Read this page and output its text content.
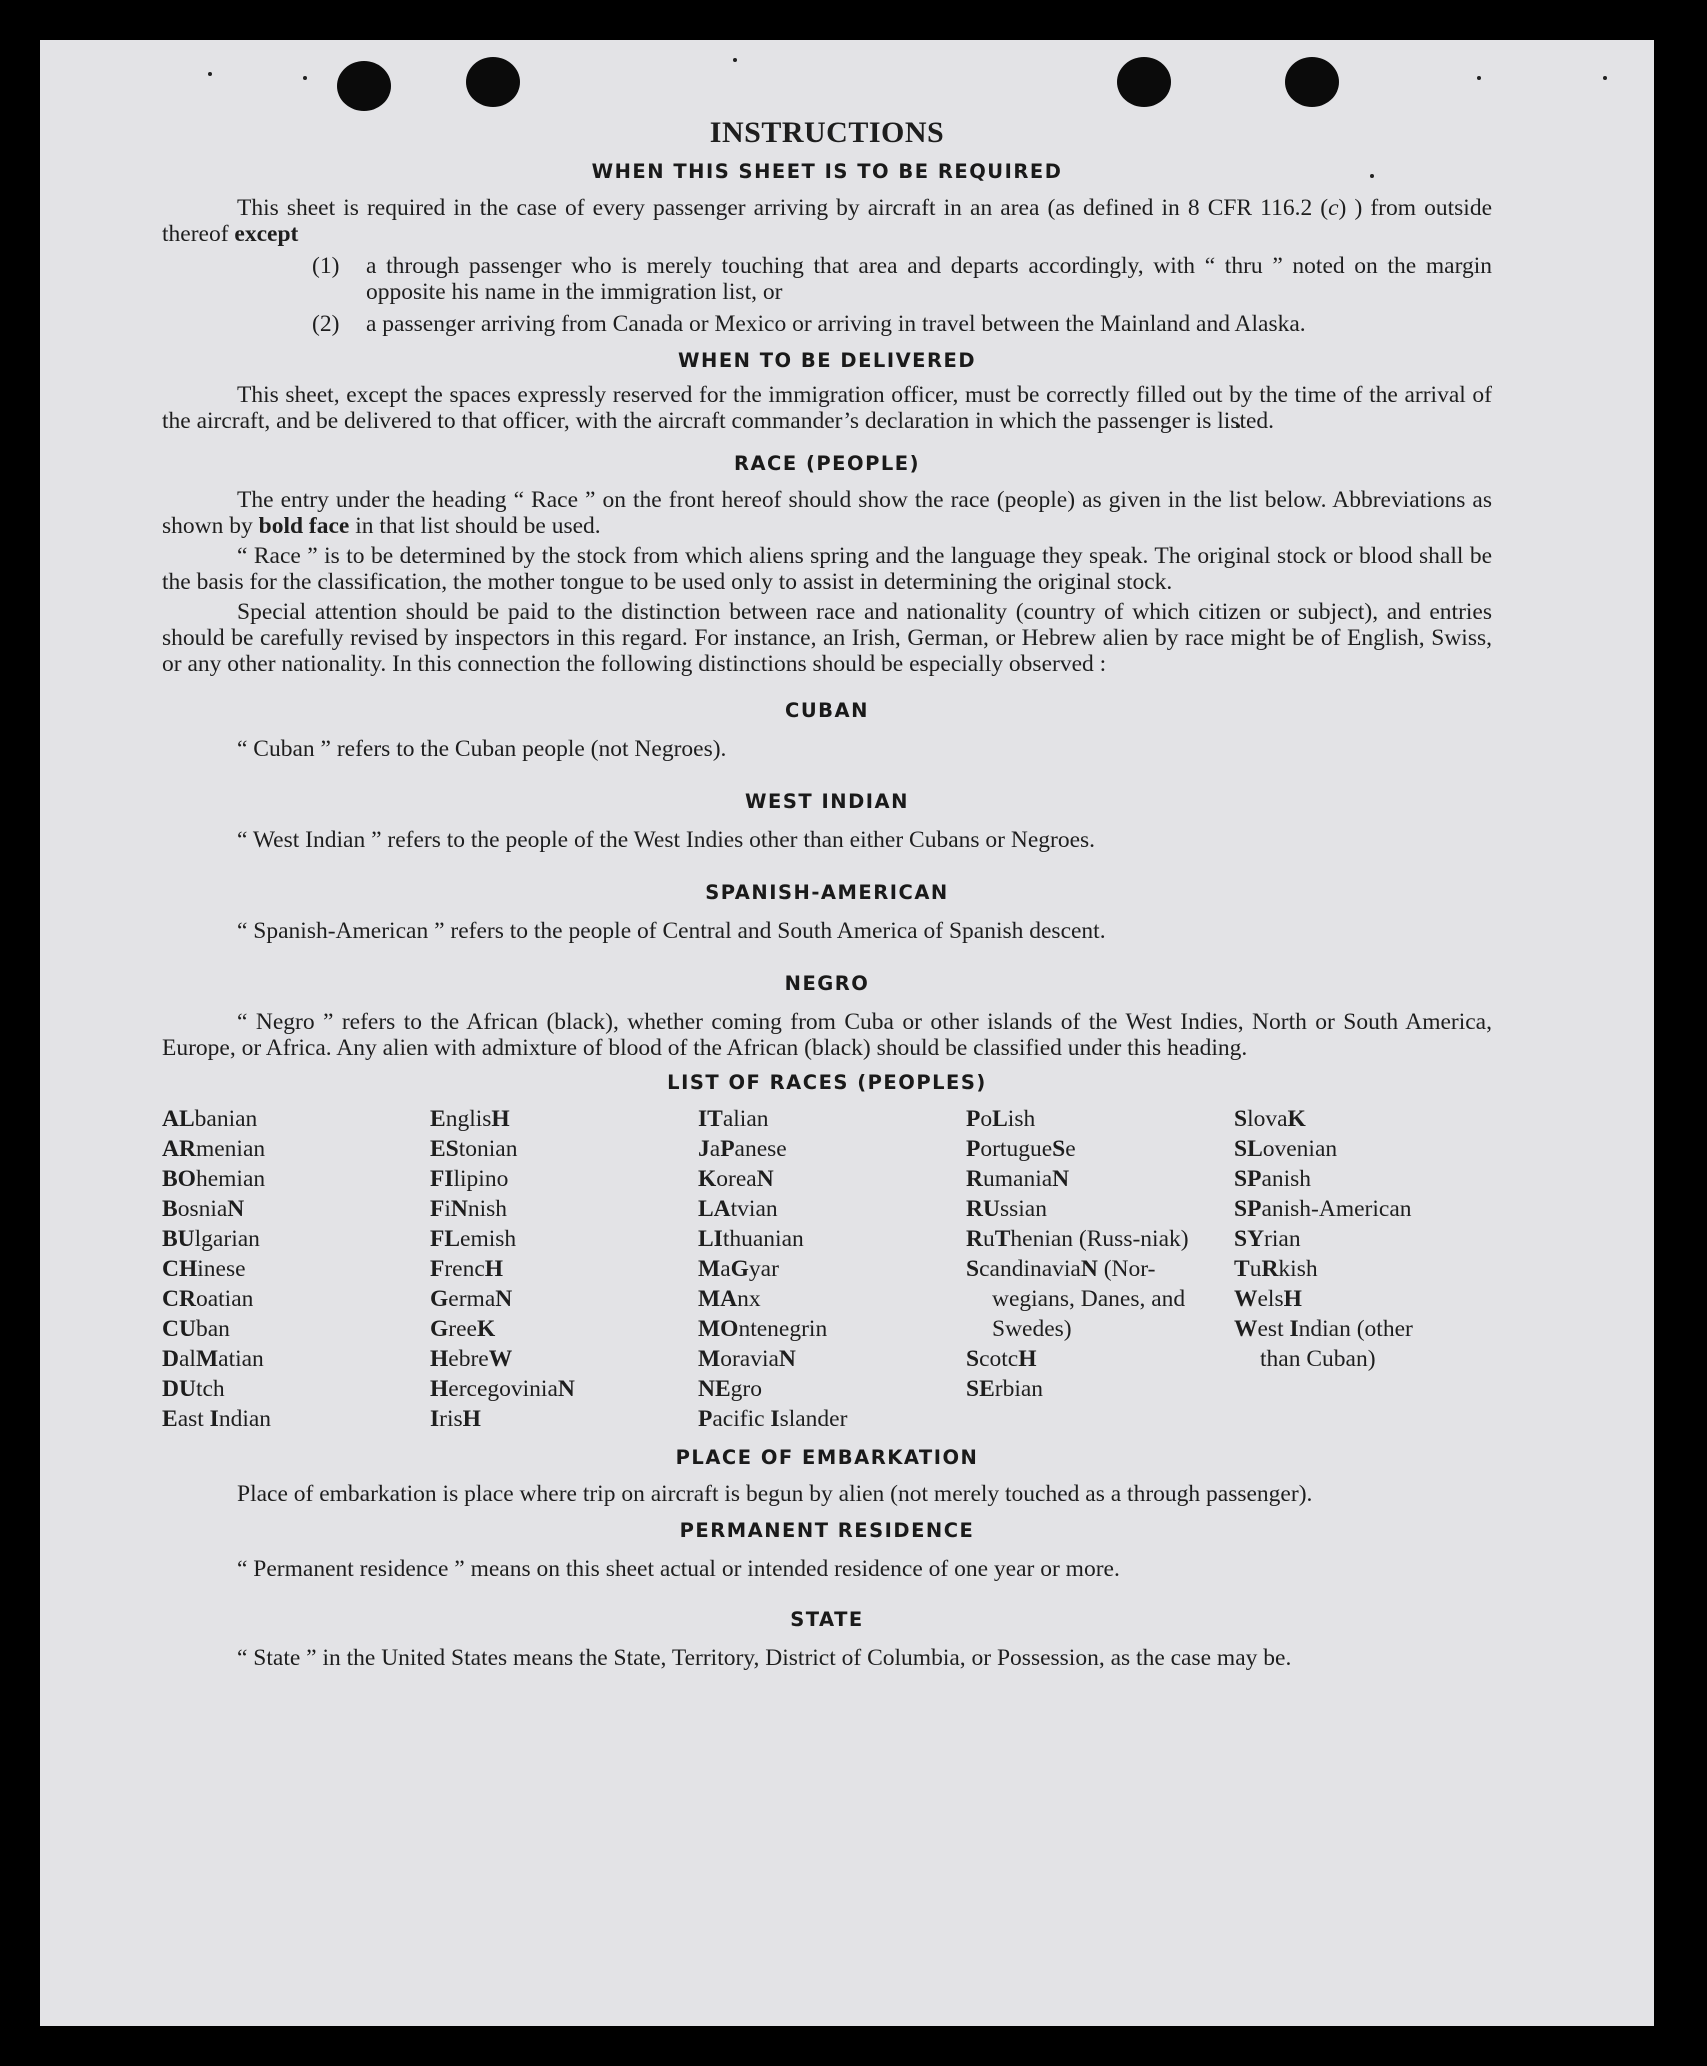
INSTRUCTIONS
WHEN THIS SHEET IS TO BE REQUIRED

This sheet is required in the case of every passenger arriving by aircraft in an area (as defined in 8 CFR 116.2 (c) ) from outside thereof except

(1)	a through passenger who is merely touching that area and departs accordingly, with “ thru ” noted on the margin opposite his name in the immigration list, or

(2)	a passenger arriving from Canada or Mexico or arriving in travel between the Mainland and Alaska.

WHEN TO BE DELIVERED

This sheet, except the spaces expressly reserved for the immigration officer, must be correctly filled out by the time of the arrival of the aircraft, and be delivered to that officer, with the aircraft commander’s declaration in which the passenger is listed.

RACE (PEOPLE)

The entry under the heading “ Race ” on the front hereof should show the race (people) as given in the list below. Abbreviations as shown by bold face in that list should be used.

“ Race ” is to be determined by the stock from which aliens spring and the language they speak. The original stock or blood shall be the basis for the classification, the mother tongue to be used only to assist in determining the original stock.

Special attention should be paid to the distinction between race and nationality (country of which citizen or subject), and entries should be carefully revised by inspectors in this regard. For instance, an Irish, German, or Hebrew alien by race might be of English, Swiss, or any other nationality. In this connection the following distinctions should be especially observed :

CUBAN

“ Cuban ” refers to the Cuban people (not Negroes).

WEST INDIAN

“ West Indian ” refers to the people of the West Indies other than either Cubans or Negroes.

SPANISH-AMERICAN

“ Spanish-American ” refers to the people of Central and South America of Spanish descent.

NEGRO

“ Negro ” refers to the African (black), whether coming from Cuba or other islands of the West Indies, North or South America, Europe, or Africa. Any alien with admixture of blood of the African (black) should be classified under this heading.

LIST OF RACES (PEOPLES)
ALbanian
ARmenian
BOhemian
BosniaN
BUlgarian
CHinese
CRoatian
CUban
DalMatian
DUtch
East Indian
EnglisH
EStonian
FIlipino
FiNnish
FLemish
FrencH
GermaN
GreeK
HebreW
HercegoviniaN
IrisH
ITalian
JaPanese
KoreaN
LAtvian
LIthuanian
MaGyar
MAnx
MOntenegrin
MoraviaN
NEgro
Pacific Islander
PoLish
PortugueSe
RumaniaN
RUssian
RuThenian (Russ-niak)
ScandinaviaN (Nor-wegians, Danes, and Swedes)
ScotcH
SErbian
SlovaK
SLovenian
SPanish
SPanish-American
SYrian
TuRkish
WelsH
West Indian (other than Cuban)
PLACE OF EMBARKATION

Place of embarkation is place where trip on aircraft is begun by alien (not merely touched as a through passenger).

PERMANENT RESIDENCE

“ Permanent residence ” means on this sheet actual or intended residence of one year or more.

STATE

“ State ” in the United States means the State, Territory, District of Columbia, or Possession, as the case may be.
